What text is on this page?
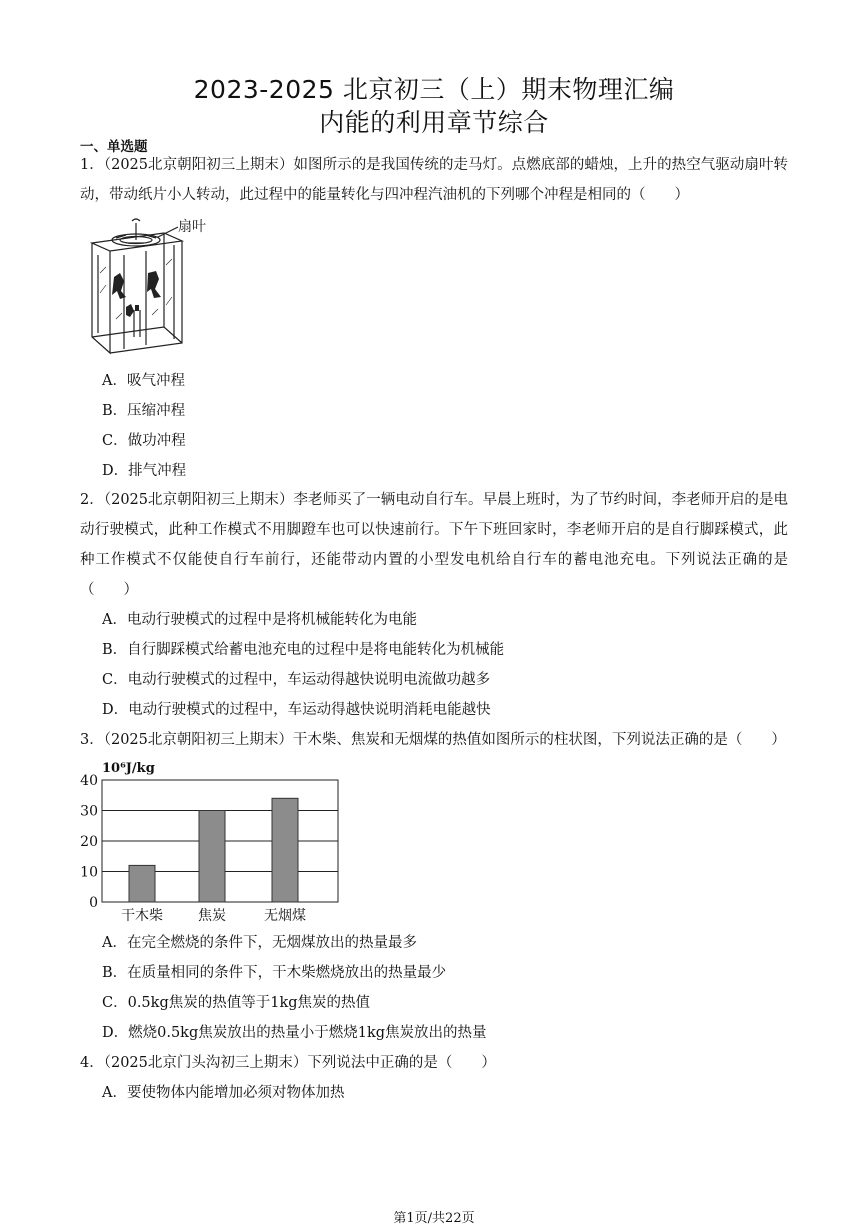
2023-2025 北京初三（上）期末物理汇编
内能的利用章节综合
一、单选题
1．（2025北京朝阳初三上期末）如图所示的是我国传统的走马灯。点燃底部的蜡烛，上升的热空气驱动扇叶转动，带动纸片小人转动，此过程中的能量转化与四冲程汽油机的下列哪个冲程是相同的（　　）
扇叶
A．吸气冲程
B．压缩冲程
C．做功冲程
D．排气冲程
2．（2025北京朝阳初三上期末）李老师买了一辆电动自行车。早晨上班时，为了节约时间，李老师开启的是电动行驶模式，此种工作模式不用脚蹬车也可以快速前行。下午下班回家时，李老师开启的是自行脚踩模式，此种工作模式不仅能使自行车前行，还能带动内置的小型发电机给自行车的蓄电池充电。下列说法正确的是（　　）
A．电动行驶模式的过程中是将机械能转化为电能
B．自行脚踩模式给蓄电池充电的过程中是将电能转化为机械能
C．电动行驶模式的过程中，车运动得越快说明电流做功越多
D．电动行驶模式的过程中，车运动得越快说明消耗电能越快
3．（2025北京朝阳初三上期末）干木柴、焦炭和无烟煤的热值如图所示的柱状图，下列说法正确的是（　　）
10⁶J/kg
0
10
20
30
40
干木柴	焦炭	无烟煤
A．在完全燃烧的条件下，无烟煤放出的热量最多
B．在质量相同的条件下，干木柴燃烧放出的热量最少
C．0.5kg焦炭的热值等于1kg焦炭的热值
D．燃烧0.5kg焦炭放出的热量小于燃烧1kg焦炭放出的热量
4．（2025北京门头沟初三上期末）下列说法中正确的是（　　）
A．要使物体内能增加必须对物体加热
第1页/共22页
